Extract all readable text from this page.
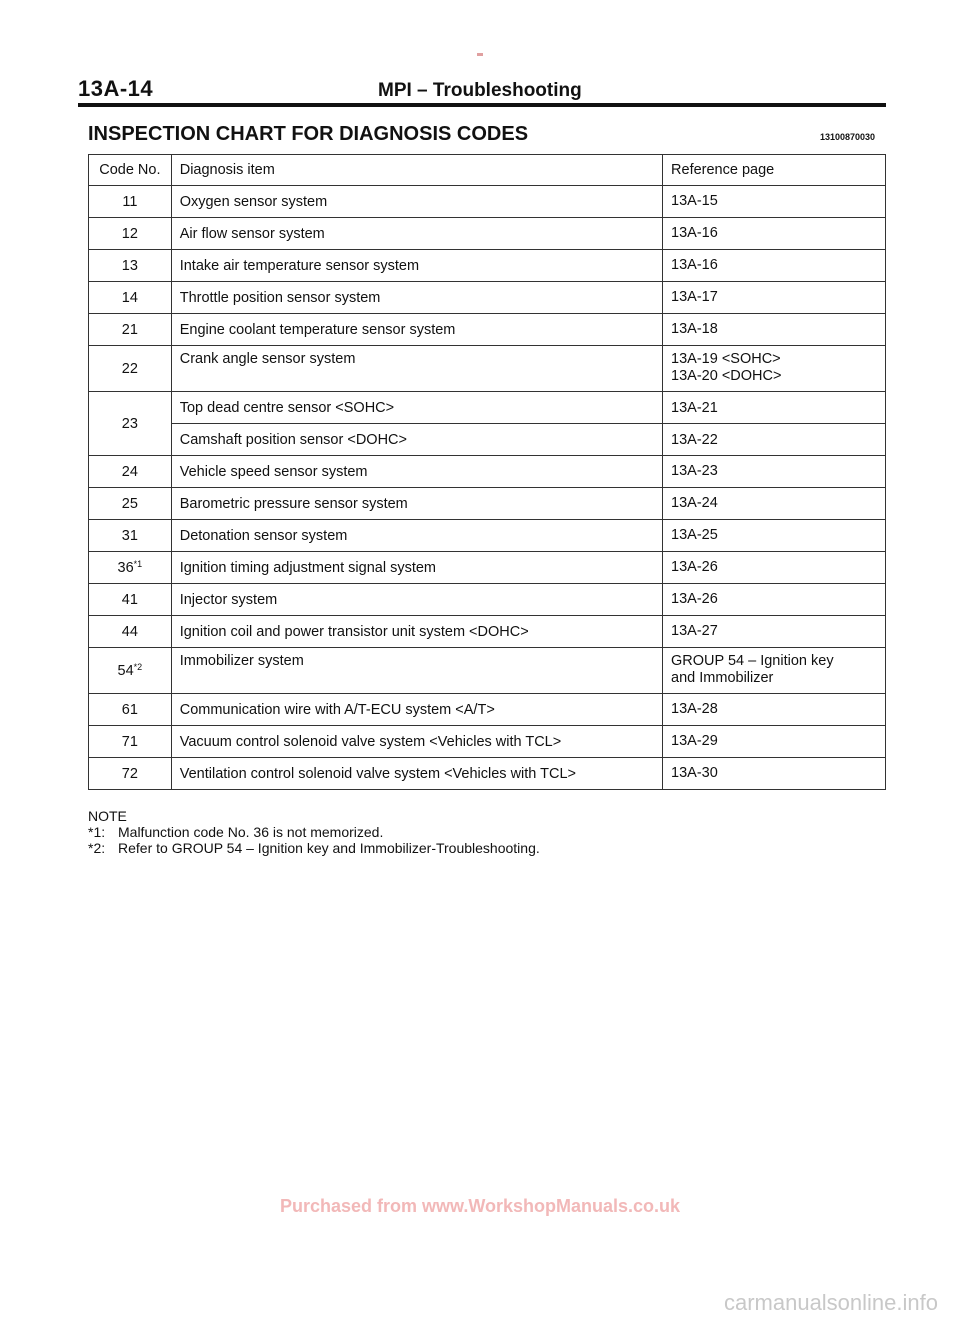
13A-14	MPI – Troubleshooting
INSPECTION CHART FOR DIAGNOSIS CODES	13100870030
Code No.	Diagnosis item	Reference page
11	Oxygen sensor system	13A-15

12	Air flow sensor system	13A-16

13	Intake air temperature sensor system	13A-16

14	Throttle position sensor system	13A-17

21	Engine coolant temperature sensor system	13A-18

22	Crank angle sensor system	13A-19 <SOHC>
13A-20 <DOHC>

23	Top dead centre sensor <SOHC>	13A-21
	Camshaft position sensor <DOHC>	13A-22
24	Vehicle speed sensor system	13A-23

25	Barometric pressure sensor system	13A-24

31	Detonation sensor system	13A-25

36$^{*1}$	Ignition timing adjustment signal system	13A-26

41	Injector system	13A-26

44	Ignition coil and power transistor unit system <DOHC>	13A-27

54$^{*2}$	Immobilizer system	GROUP 54 – Ignition key
and Immobilizer

61	Communication wire with A/T-ECU system <A/T>	13A-28

71	Vacuum control solenoid valve system <Vehicles with TCL>	13A-29

72	Ventilation control solenoid valve system <Vehicles with TCL>	13A-30
NOTE
*1: Malfunction code No. 36 is not memorized.
*2: Refer to GROUP 54 – Ignition key and Immobilizer-Troubleshooting.
Purchased from www.WorkshopManuals.co.uk
carmanualsonline.info
